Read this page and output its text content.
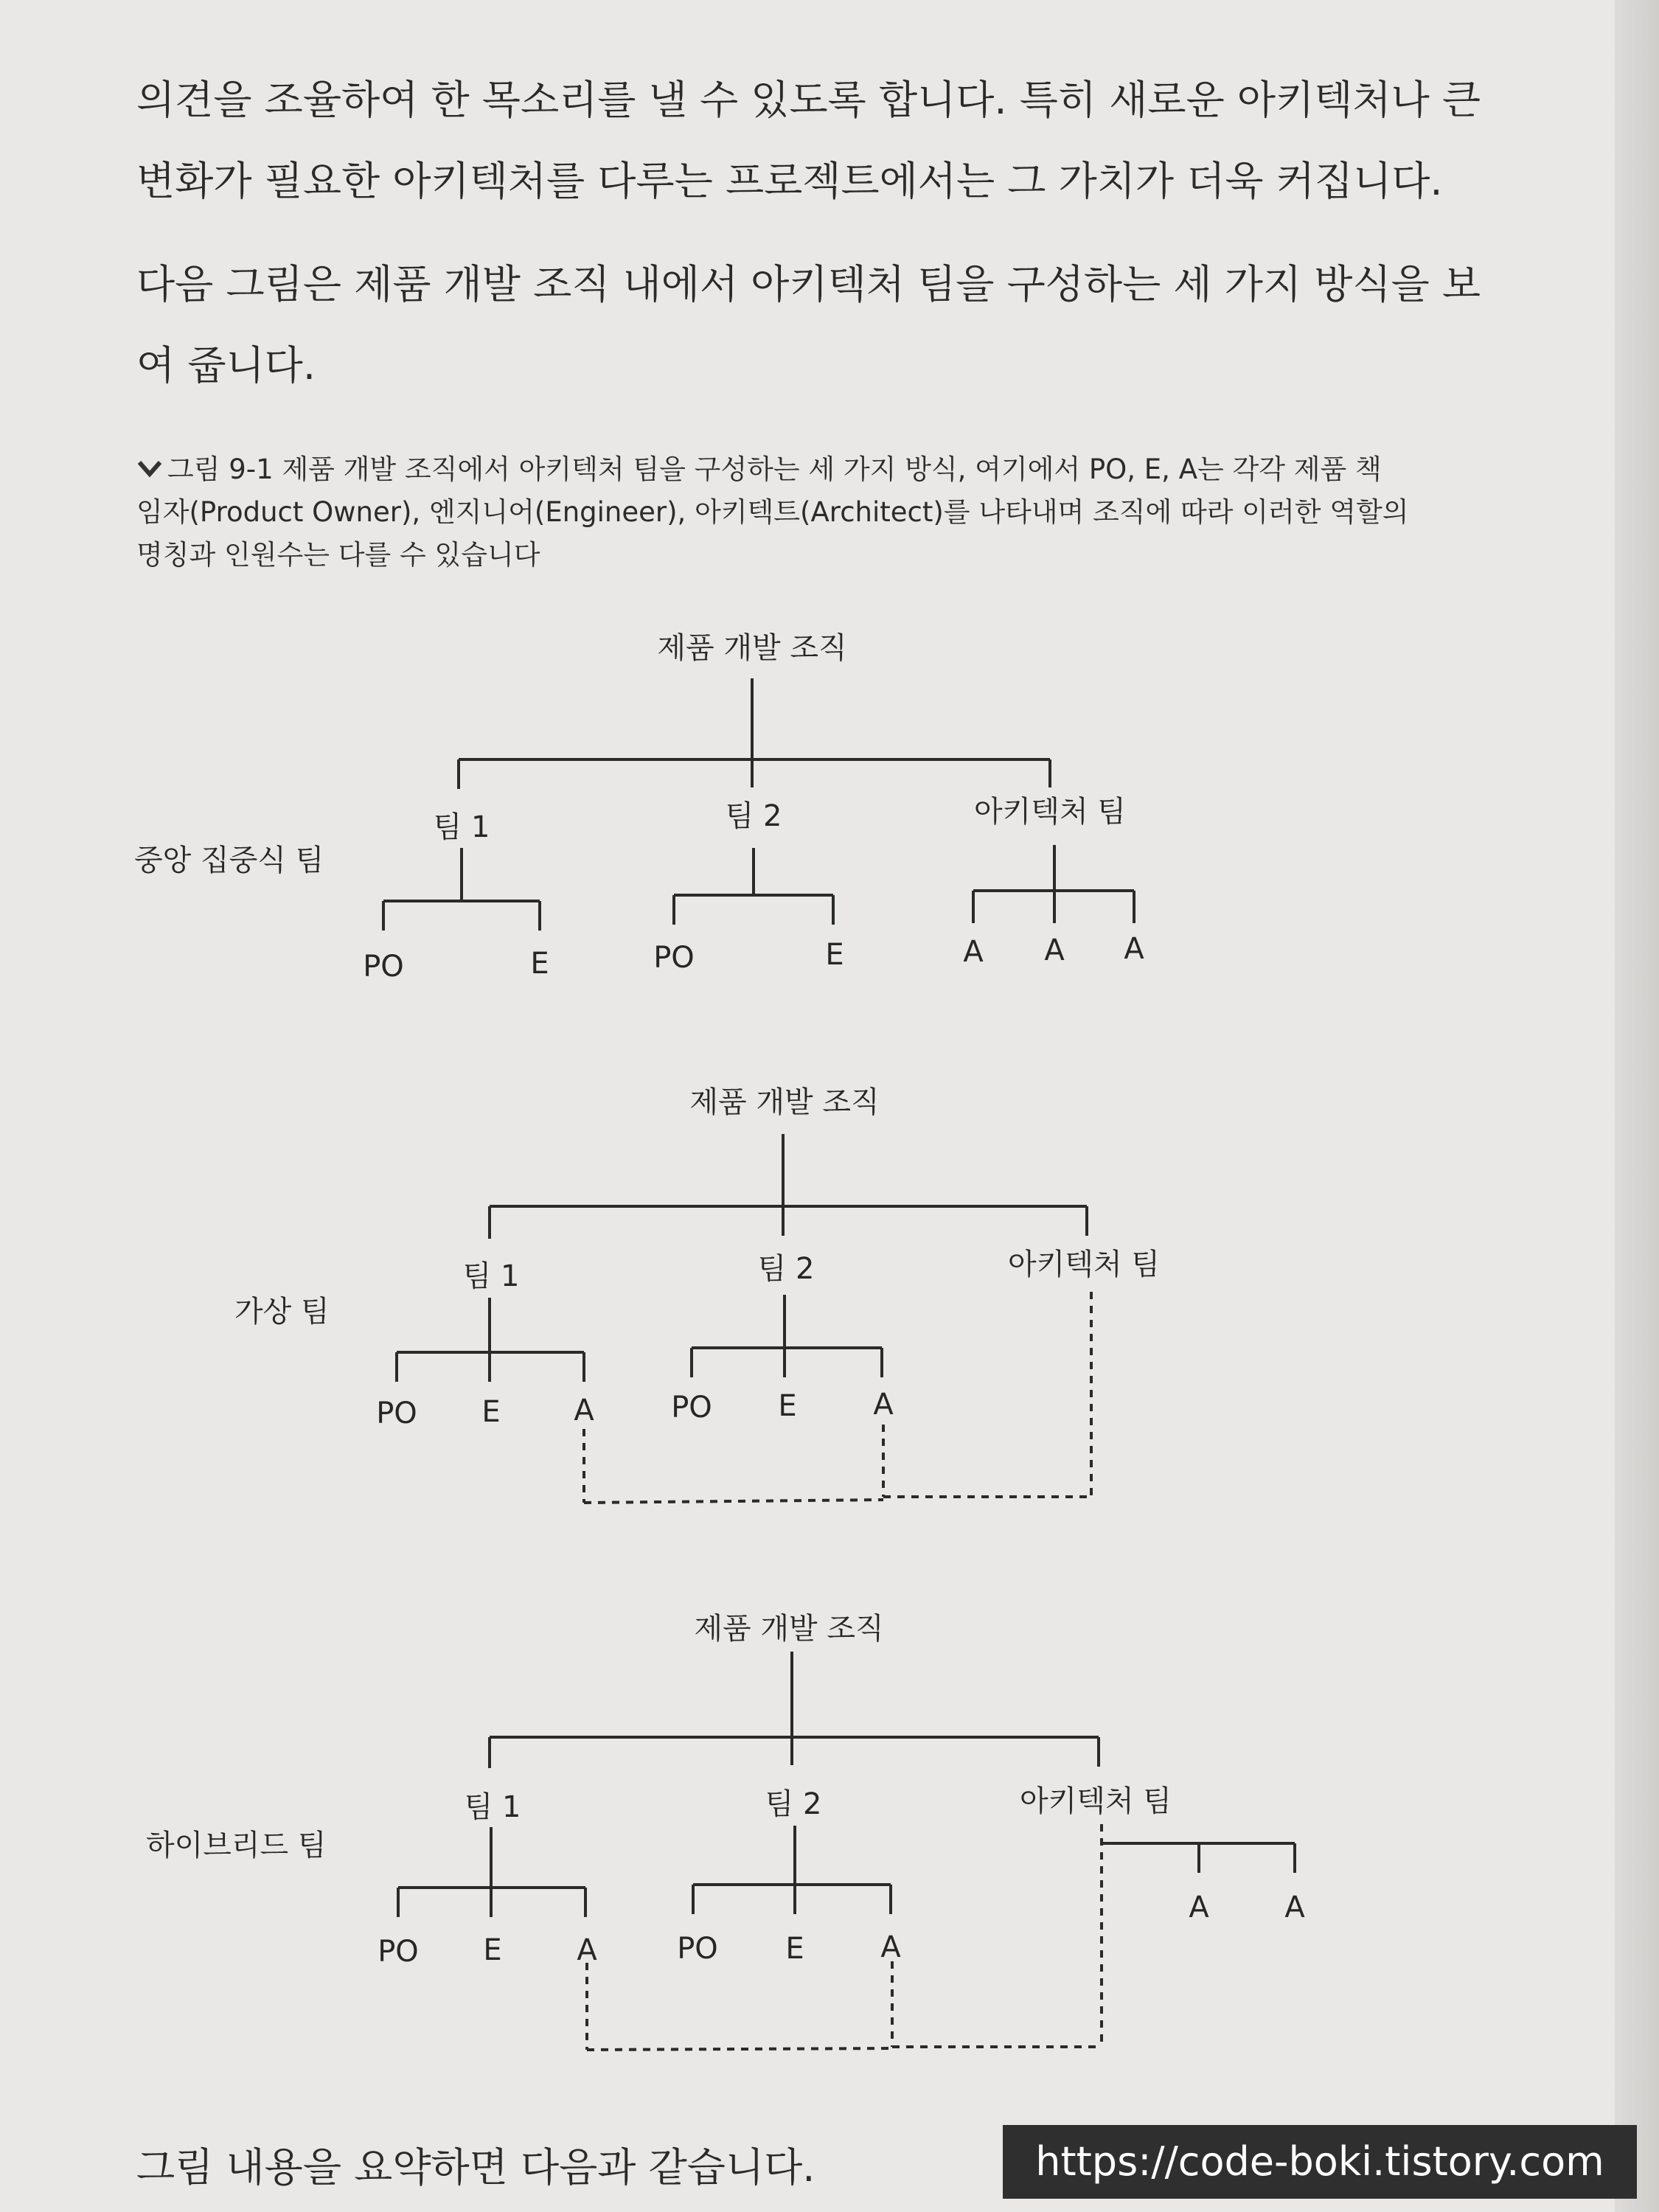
의견을 조율하여 한 목소리를 낼 수 있도록 합니다. 특히 새로운 아키텍처나 큰
변화가 필요한 아키텍처를 다루는 프로젝트에서는 그 가치가 더욱 커집니다.
다음 그림은 제품 개발 조직 내에서 아키텍처 팀을 구성하는 세 가지 방식을 보
여 줍니다.
그림 9-1 제품 개발 조직에서 아키텍처 팀을 구성하는 세 가지 방식, 여기에서 PO, E, A는 각각 제품 책
임자(Product Owner), 엔지니어(Engineer), 아키텍트(Architect)를 나타내며 조직에 따라 이러한 역할의
명칭과 인원수는 다를 수 있습니다
제품 개발 조직
중앙 집중식 팀
팀 1	팀 2	아키텍처 팀
PO	E	PO	E	A A A
제품 개발 조직
가상 팀
팀 1	팀 2	아키텍처 팀
PO E A	PO E	A
제품 개발 조직
하이브리드 팀
팀 1	팀 2	아키텍처 팀
PO E	A	PO E	A
A	A
그림 내용을 요약하면 다음과 같습니다.	https://code-boki.tistory.com
